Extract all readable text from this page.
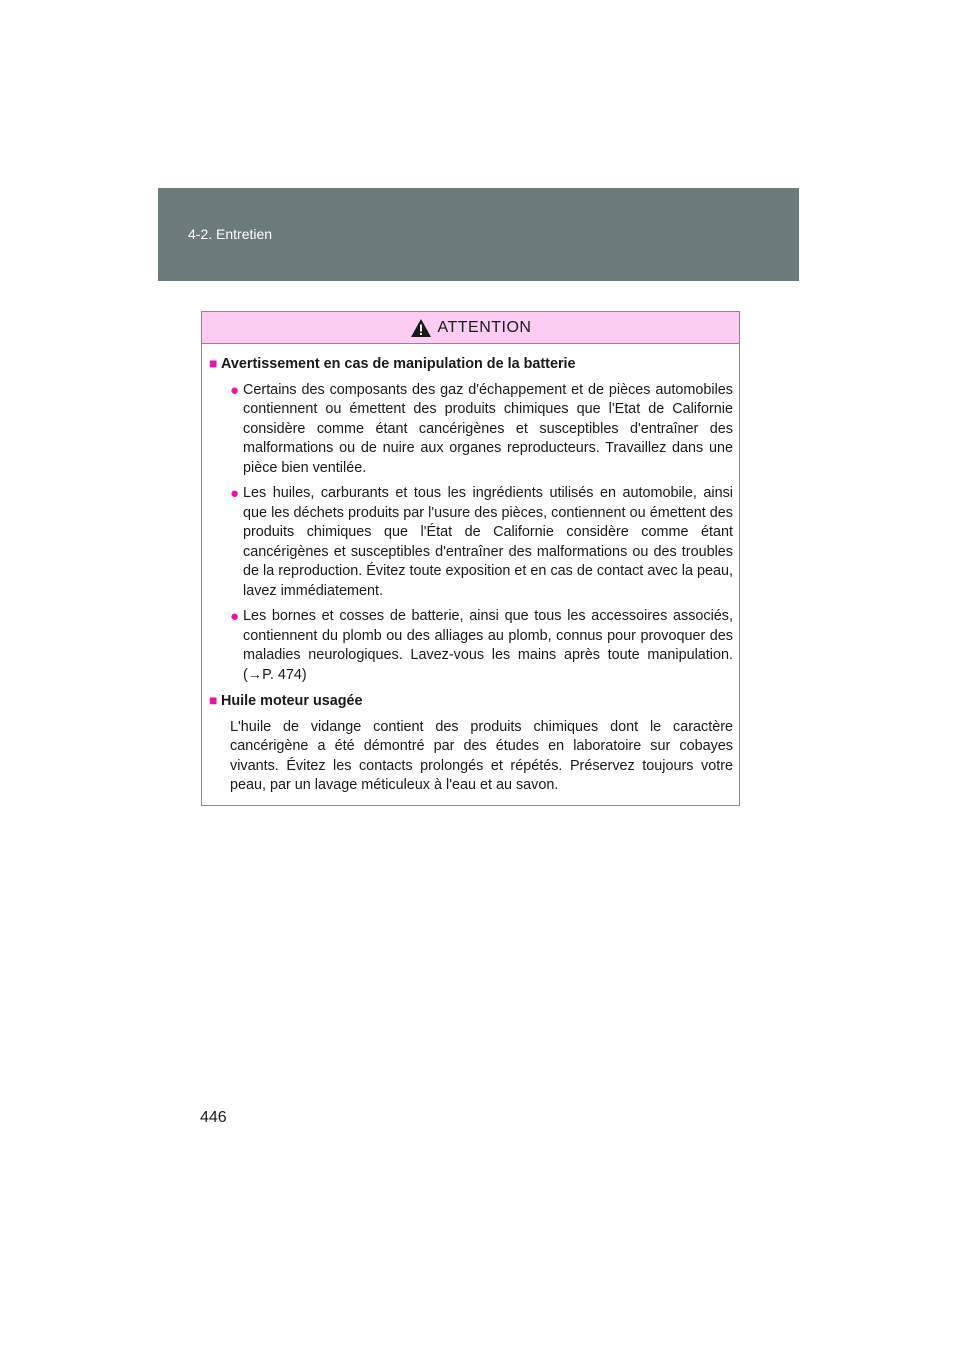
4-2. Entretien
ATTENTION
■ Avertissement en cas de manipulation de la batterie
● Certains des composants des gaz d'échappement et de pièces automobiles contiennent ou émettent des produits chimiques que l'Etat de Californie considère comme étant cancérigènes et susceptibles d'entraîner des malformations ou de nuire aux organes reproducteurs. Travaillez dans une pièce bien ventilée.
● Les huiles, carburants et tous les ingrédients utilisés en automobile, ainsi que les déchets produits par l'usure des pièces, contiennent ou émettent des produits chimiques que l'État de Californie considère comme étant cancérigènes et susceptibles d'entraîner des malformations ou des troubles de la reproduction. Évitez toute exposition et en cas de contact avec la peau, lavez immédiatement.
● Les bornes et cosses de batterie, ainsi que tous les accessoires associés, contiennent du plomb ou des alliages au plomb, connus pour provoquer des maladies neurologiques. Lavez-vous les mains après toute manipulation. (→P. 474)
■ Huile moteur usagée
L'huile de vidange contient des produits chimiques dont le caractère cancérigène a été démontré par des études en laboratoire sur cobayes vivants. Évitez les contacts prolongés et répétés. Préservez toujours votre peau, par un lavage méticuleux à l'eau et au savon.
446
